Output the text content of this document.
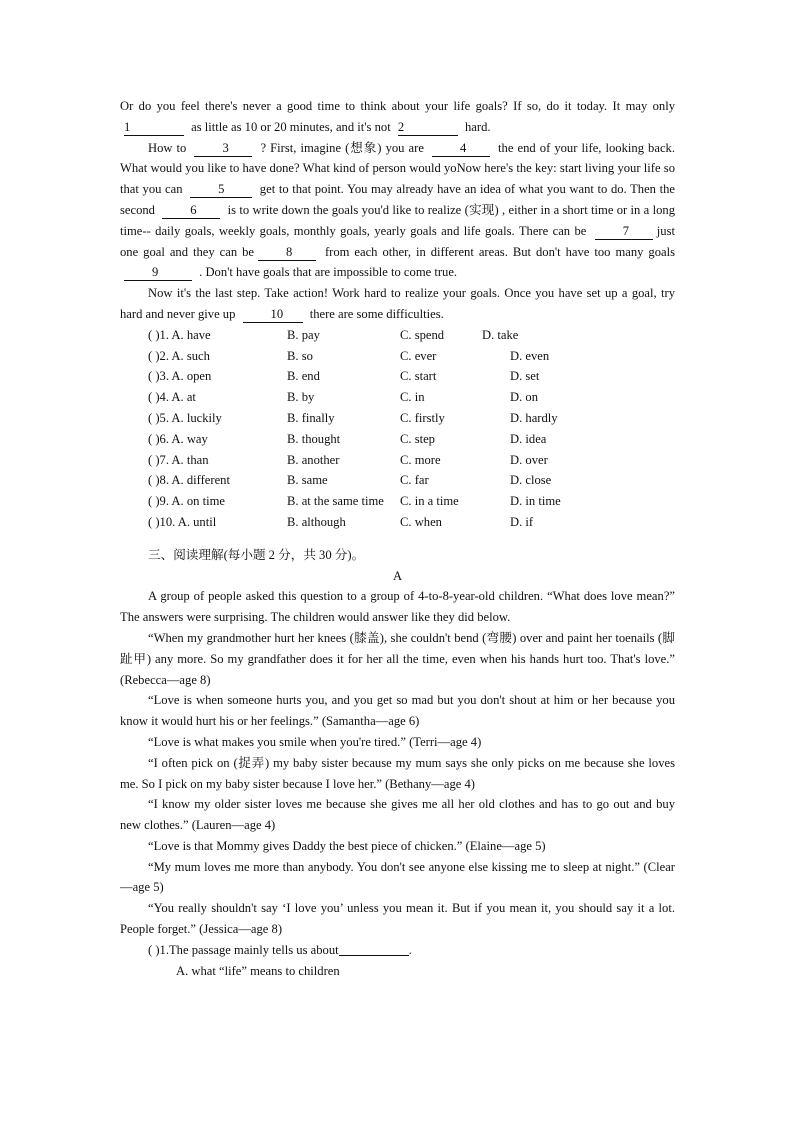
Or do you feel there's never a good time to think about your life goals? If so, do it today. It may only 1	as little as 10 or 20 minutes, and it's not 2	hard.
How to	3 ? First, imagine (想象) you are	4 the end of your life, looking back. What would you like to have done? What kind of person would yoNow here's the key: start living your life so that you can	5	get to that point. You may already have an idea of what you want to do. Then the second	6 is to write down the goals you'd like to realize (实现) , either in a short time or in a long time-- daily goals, weekly goals, monthly goals, yearly goals and life goals. There can be	7 just one goal and they can be	8 from each other, in different areas. But don't have too many goals 9	. Don't have goals that are impossible to come true.
Now it's the last step. Take action! Work hard to realize your goals. Once you have set up a goal, try hard and never give up	10 there are some difficulties.
( )1. A. have	B. pay	C. spend	D. take
( )2. A. such	B. so	C. ever	D. even
( )3. A. open	B. end	C. start	D. set
( )4. A. at	B. by	C. in	D. on
( )5. A. luckily	B. finally	C. firstly	D. hardly
( )6. A. way	B. thought	C. step	D. idea
( )7. A. than	B. another	C. more	D. over
( )8. A. different	B. same	C. far	D. close
( )9. A. on time	B. at the same time C. in a time	D. in time
( )10. A. until	B. although	C. when	D. if
三、阅读理解(每小题 2 分，共 30 分)。
A
A group of people asked this question to a group of 4-to-8-year-old children. “What does love mean?” The answers were surprising. The children would answer like they did below.
“When my grandmother hurt her knees (膝盖), she couldn't bend (弯腰) over and paint her toenails (脚趾甲) any more. So my grandfather does it for her all the time, even when his hands hurt too. That's love.” (Rebecca—age 8)
“Love is when someone hurts you, and you get so mad but you don't shout at him or her because you know it would hurt his or her feelings.” (Samantha—age 6)
“Love is what makes you smile when you're tired.” (Terri—age 4)
“I often pick on (捉弄) my baby sister because my mum says she only picks on me because she loves me. So I pick on my baby sister because I love her.” (Bethany—age 4)
“I know my older sister loves me because she gives me all her old clothes and has to go out and buy new clothes.” (Lauren—age 4)
“Love is that Mommy gives Daddy the best piece of chicken.” (Elaine—age 5)
“My mum loves me more than anybody. You don't see anyone else kissing me to sleep at night.” (Clear—age 5)
“You really shouldn't say ‘I love you’ unless you mean it. But if you mean it, you should say it a lot. People forget.” (Jessica—age 8)
( )1.The passage mainly tells us about	.
A. what “life” means to children
